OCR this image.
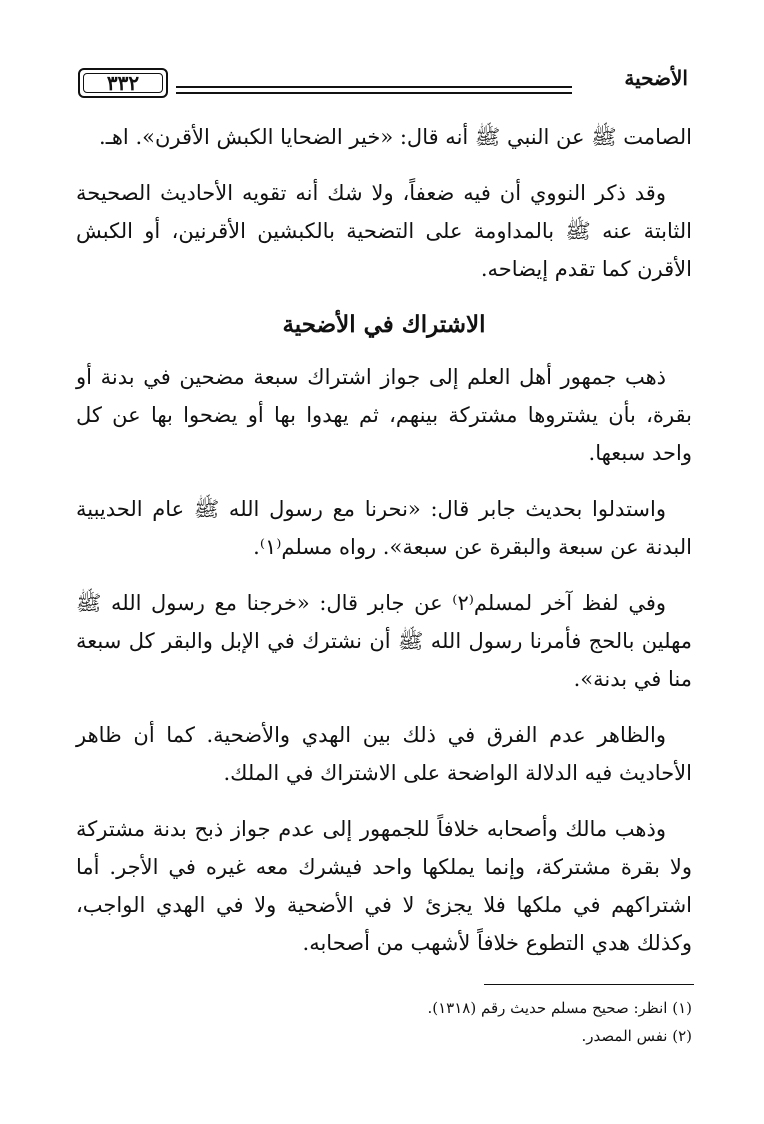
٣٣٢	الأضحية

الصامت ﷺ عن النبي ﷺ أنه قال: «خير الضحايا الكبش الأقرن». اهـ.

وقد ذكر النووي أن فيه ضعفاً، ولا شك أنه تقويه الأحاديث الصحيحة الثابتة عنه ﷺ بالمداومة على التضحية بالكبشين الأقرنين، أو الكبش الأقرن كما تقدم إيضاحه.

الاشتراك في الأضحية

ذهب جمهور أهل العلم إلى جواز اشتراك سبعة مضحين في بدنة أو بقرة، بأن يشتروها مشتركة بينهم، ثم يهدوا بها أو يضحوا بها عن كل واحد سبعها.

واستدلوا بحديث جابر قال: «نحرنا مع رسول الله ﷺ عام الحديبية البدنة عن سبعة والبقرة عن سبعة». رواه مسلم⁽١⁾.

وفي لفظ آخر لمسلم⁽٢⁾ عن جابر قال: «خرجنا مع رسول الله ﷺ مهلين بالحج فأمرنا رسول الله ﷺ أن نشترك في الإبل والبقر كل سبعة منا في بدنة».

والظاهر عدم الفرق في ذلك بين الهدي والأضحية. كما أن ظاهر الأحاديث فيه الدلالة الواضحة على الاشتراك في الملك.

وذهب مالك وأصحابه خلافاً للجمهور إلى عدم جواز ذبح بدنة مشتركة ولا بقرة مشتركة، وإنما يملكها واحد فيشرك معه غيره في الأجر. أما اشتراكهم في ملكها فلا يجزئ لا في الأضحية ولا في الهدي الواجب، وكذلك هدي التطوع خلافاً لأشهب من أصحابه.

(١) انظر: صحيح مسلم حديث رقم (١٣١٨).
(٢) نفس المصدر.
